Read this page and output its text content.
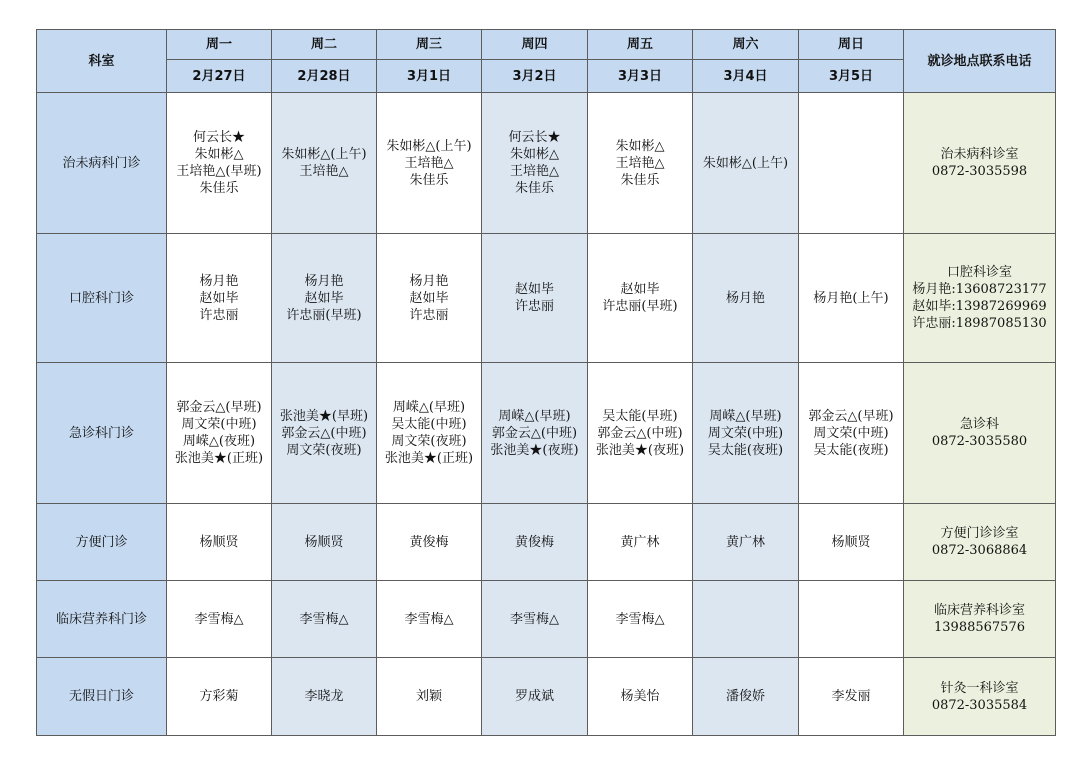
科室	周一	周二	周三	周四	周五	周六	周日	就诊地点联系电话
	2月27日	2月28日	3月1日	3月2日	3月3日	3月4日	3月5日	
治未病科门诊	何云长★
朱如彬△
王培艳△(早班)
朱佳乐	朱如彬△(上午)
王培艳△	朱如彬△(上午)
王培艳△
朱佳乐	何云长★
朱如彬△
王培艳△
朱佳乐	朱如彬△
王培艳△
朱佳乐	朱如彬△(上午)		治未病科诊室
0872-3035598

口腔科门诊	杨月艳
赵如毕
许忠丽	杨月艳
赵如毕
许忠丽(早班)	杨月艳
赵如毕
许忠丽	赵如毕
许忠丽	赵如毕
许忠丽(早班)	杨月艳	杨月艳(上午)	口腔科诊室
杨月艳:13608723177
赵如毕:13987269969
许忠丽:18987085130

急诊科门诊	郭金云△(早班)
周文荣(中班)
周嵘△(夜班)
张池美★(正班)	张池美★(早班)
郭金云△(中班)
周文荣(夜班)	周嵘△(早班)
吴太能(中班)
周文荣(夜班)
张池美★(正班)	周嵘△(早班)
郭金云△(中班)
张池美★(夜班)	吴太能(早班)
郭金云△(中班)
张池美★(夜班)	周嵘△(早班)
周文荣(中班)
吴太能(夜班)	郭金云△(早班)
周文荣(中班)
吴太能(夜班)	急诊科
0872-3035580

方便门诊	杨顺贤	杨顺贤	黄俊梅	黄俊梅	黄广林	黄广林	杨顺贤	方便门诊诊室
0872-3068864

临床营养科门诊	李雪梅△	李雪梅△	李雪梅△	李雪梅△	李雪梅△			临床营养科诊室
13988567576

无假日门诊	方彩菊	李晓龙	刘颖	罗成斌	杨美怡	潘俊娇	李发丽	针灸一科诊室
0872-3035584
